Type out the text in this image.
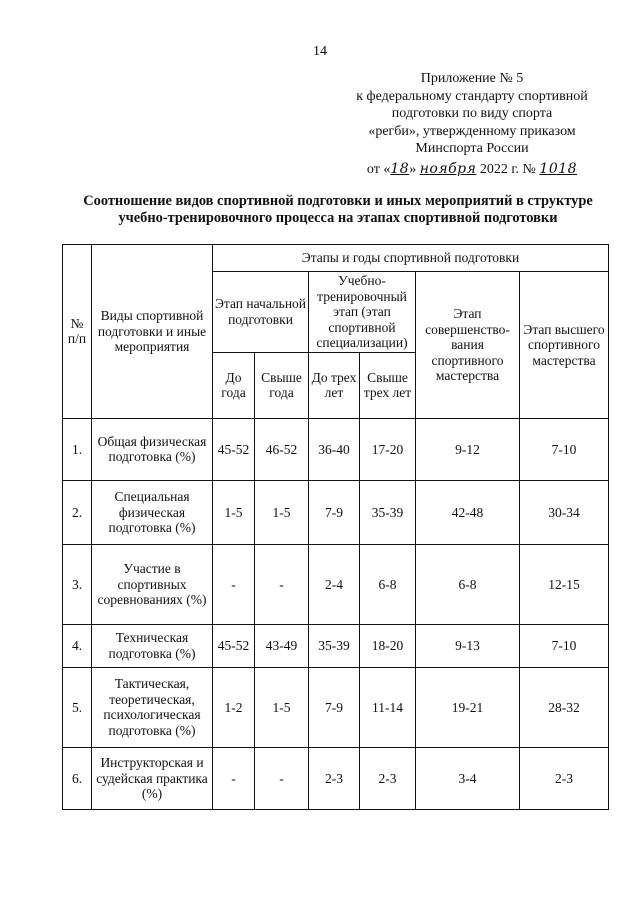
14
Приложение № 5
к федеральному стандарту спортивной
подготовки по виду спорта
«регби», утвержденному приказом
Минспорта России
от «18» ноября 2022 г. № 1018
Соотношение видов спортивной подготовки и иных мероприятий в структуре
учебно-тренировочного процесса на этапах спортивной подготовки
№ п/п	Виды спортивной подготовки и иные мероприятия	Этапы и годы спортивной подготовки					
		Этап начальной подготовки		Учебно-тренировочный этап (этап спортивной специализации)		Этап совершенство-вания спортивного мастерства	Этап высшего спортивного мастерства
		До года	Свыше года	До трех лет	Свыше трех лет		
1.	Общая физическая подготовка (%)	45-52	46-52	36-40	17-20	9-12	7-10
2.	Специальная физическая подготовка (%)	1-5	1-5	7-9	35-39	42-48	30-34
3.	Участие в спортивных соревнованиях (%)	-	-	2-4	6-8	6-8	12-15
4.	Техническая подготовка (%)	45-52	43-49	35-39	18-20	9-13	7-10
5.	Тактическая, теоретическая, психологическая подготовка (%)	1-2	1-5	7-9	11-14	19-21	28-32
6.	Инструкторская и судейская практика (%)	-	-	2-3	2-3	3-4	2-3
